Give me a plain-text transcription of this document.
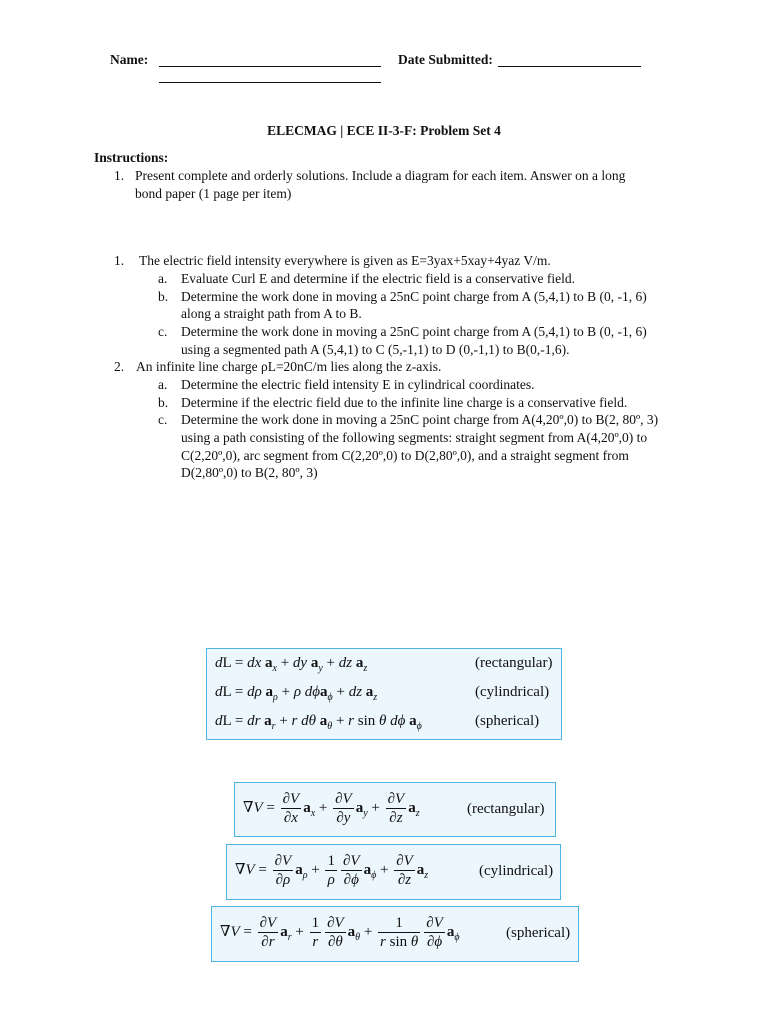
Name:	Date Submitted:
ELECMAG | ECE II-3-F: Problem Set 4
Instructions:
1. Present complete and orderly solutions. Include a diagram for each item. Answer on a long
bond paper (1 page per item)
1. The electric field intensity everywhere is given as E=3yax+5xay+4yaz V/m.
a. Evaluate Curl E and determine if the electric field is a conservative field.
b. Determine the work done in moving a 25nC point charge from A (5,4,1) to B (0, -1, 6)
along a straight path from A to B.
c. Determine the work done in moving a 25nC point charge from A (5,4,1) to B (0, -1, 6)
using a segmented path A (5,4,1) to C (5,-1,1) to D (0,-1,1) to B(0,-1,6).
2. An infinite line charge ρL=20nC/m lies along the z-axis.
a. Determine the electric field intensity E in cylindrical coordinates.
b. Determine if the electric field due to the infinite line charge is a conservative field.
c. Determine the work done in moving a 25nC point charge from A(4,20º,0) to B(2, 80º, 3)
using a path consisting of the following segments: straight segment from A(4,20º,0) to
C(2,20º,0), arc segment from C(2,20º,0) to D(2,80º,0), and a straight segment from
D(2,80º,0) to B(2, 80º, 3)
dL = dx $a_x$ + dy $a_y$ + dz $a_z$	(rectangular)
dL = dρ $a_\rho + \rho$ dϕa$_\phi$ + dz $a_z$	(cylindrical)
dL = dr $a_r + r$ dθ $a_\theta + r$ sin θ dϕ $a_\phi$	(spherical)
$\nabla V = \frac{\partial V}{\partial x} a_x + \frac{\partial V}{\partial y} a_y + \frac{\partial V}{\partial z} a_z$	(rectangular)
$\nabla V = \frac{\partial V}{\partial\rho} a_\rho + \frac{1}{\rho} \frac{\partial V}{\partial\phi} a_\phi + \frac{\partial V}{\partial z} a_z$	(cylindrical)
$\nabla V = \frac{\partial V}{\partial r} a_r + \frac{1}{r} \frac{\partial V}{\partial\theta} a_\theta + \frac{1}{\text{r sin θ}} \frac{\partial V}{\partial\phi} a_\phi$	(spherical)
